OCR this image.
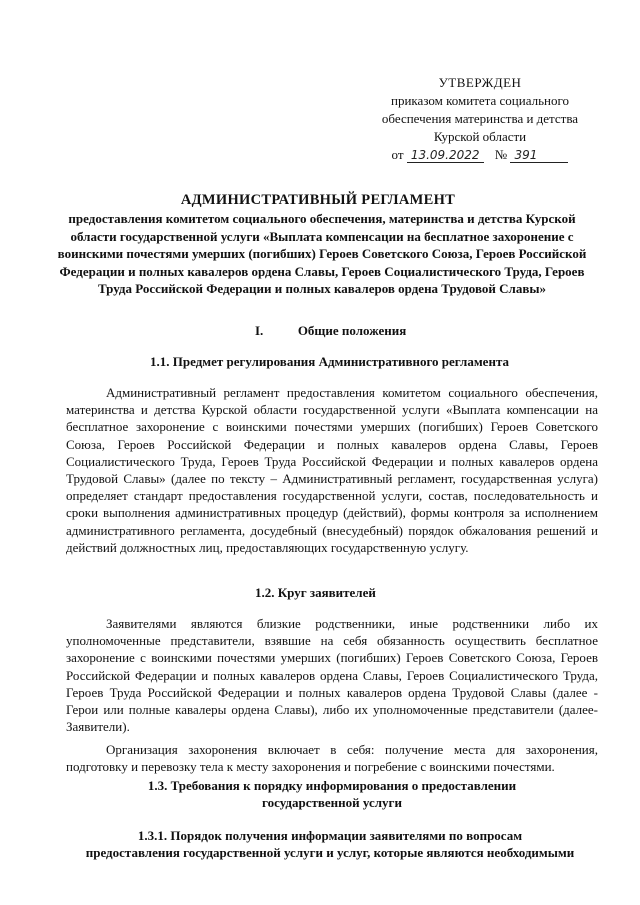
УТВЕРЖДЕН
приказом комитета социального
обеспечения материнства и детства
Курской области
от 13.09.2022 № 391
АДМИНИСТРАТИВНЫЙ РЕГЛАМЕНТ
предоставления комитетом социального обеспечения, материнства и детства Курской области государственной услуги «Выплата компенсации на бесплатное захоронение с воинскими почестями умерших (погибших) Героев Советского Союза, Героев Российской Федерации и полных кавалеров ордена Славы, Героев Социалистического Труда, Героев Труда Российской Федерации и полных кавалеров ордена Трудовой Славы»
I.	Общие положения
1.1. Предмет регулирования Административного регламента

Административный регламент предоставления комитетом социального обеспечения, материнства и детства Курской области государственной услуги «Выплата компенсации на бесплатное захоронение с воинскими почестями умерших (погибших) Героев Советского Союза, Героев Российской Федерации и полных кавалеров ордена Славы, Героев Социалистического Труда, Героев Труда Российской Федерации и полных кавалеров ордена Трудовой Славы» (далее по тексту – Административный регламент, государственная услуга) определяет стандарт предоставления государственной услуги, состав, последовательность и сроки выполнения административных процедур (действий), формы контроля за исполнением административного регламента, досудебный (внесудебный) порядок обжалования решений и действий должностных лиц, предоставляющих государственную услугу.

1.2. Круг заявителей

Заявителями являются близкие родственники, иные родственники либо их уполномоченные представители, взявшие на себя обязанность осуществить бесплатное захоронение с воинскими почестями умерших (погибших) Героев Советского Союза, Героев Российской Федерации и полных кавалеров ордена Славы, Героев Социалистического Труда, Героев Труда Российской Федерации и полных кавалеров ордена Трудовой Славы (далее - Герои или полные кавалеры ордена Славы), либо их уполномоченные представители (далее- Заявители).

Организация захоронения включает в себя: получение места для захоронения, подготовку и перевозку тела к месту захоронения и погребение с воинскими почестями.

1.3. Требования к порядку информирования о предоставлении
государственной услуги
1.3.1. Порядок получения информации заявителями по вопросам
предоставления государственной услуги и услуг, которые являются необходимыми
